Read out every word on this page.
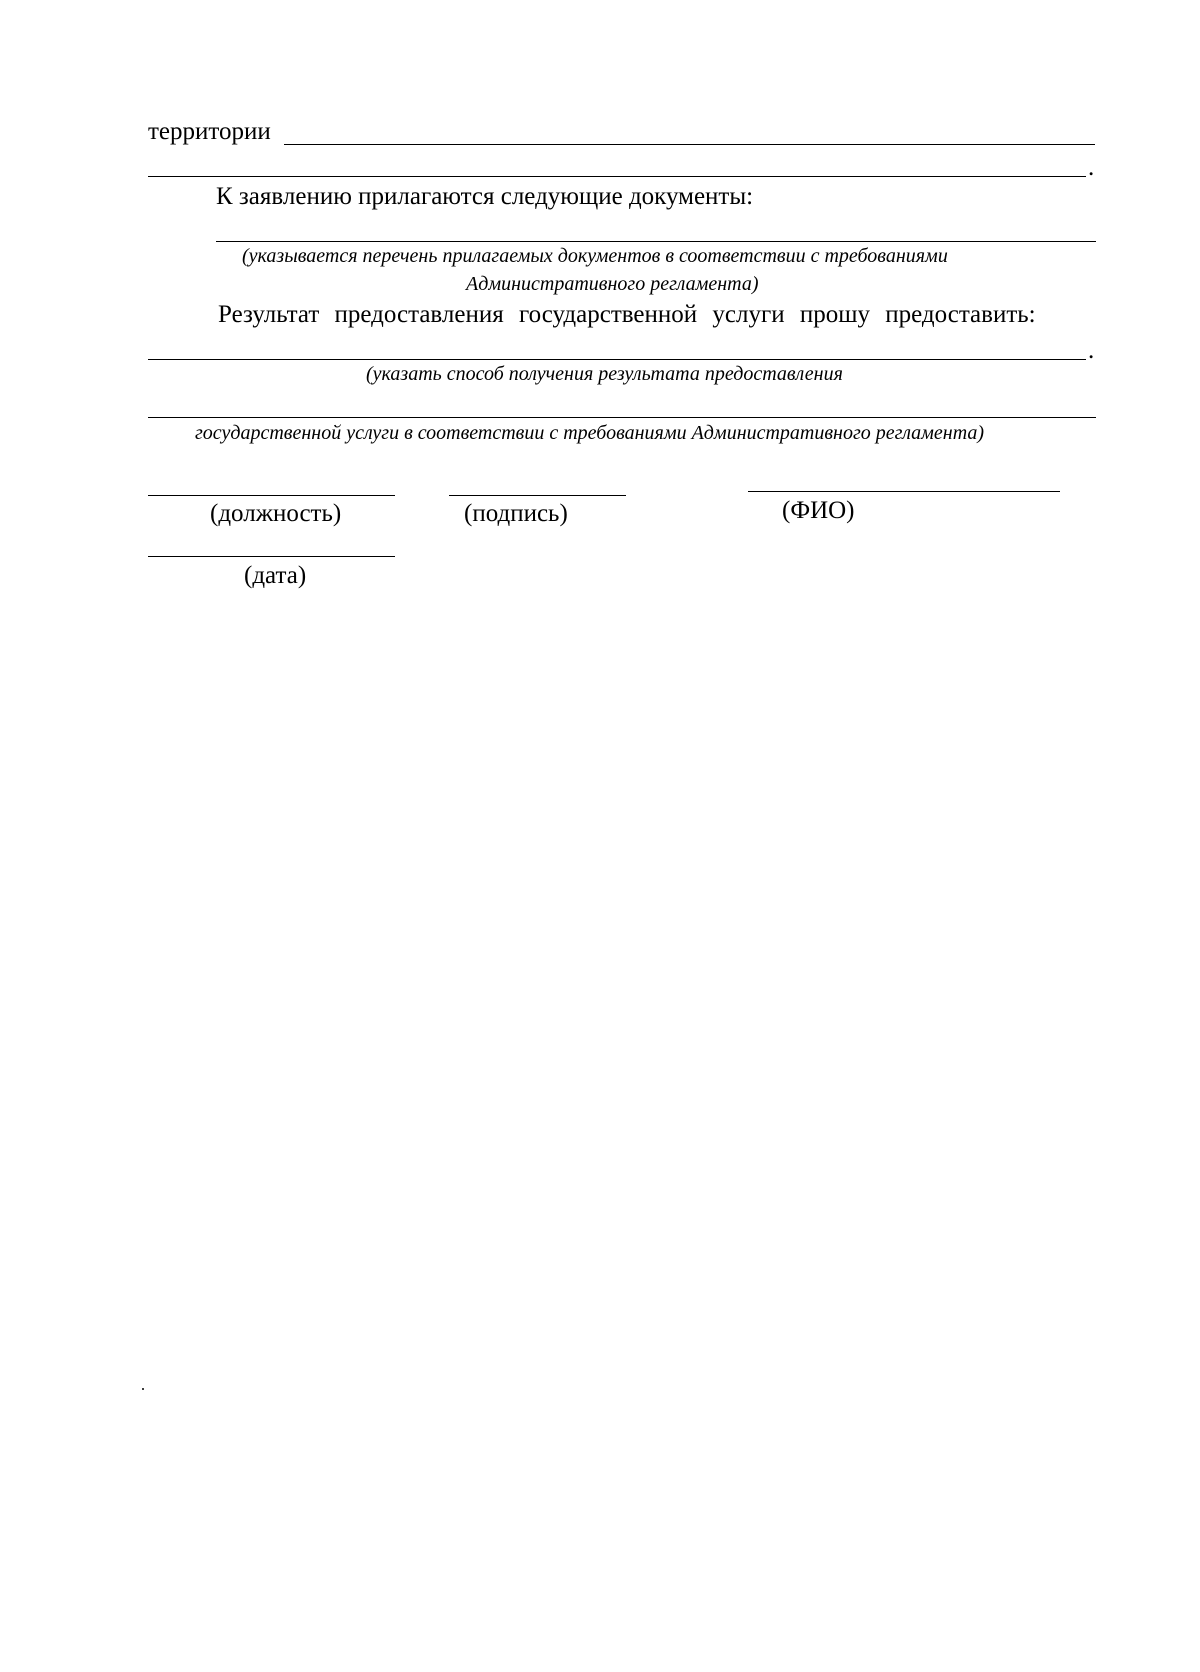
территории
.
К заявлению прилагаются следующие документы:
(указывается перечень прилагаемых документов в соответствии с требованиями
Административного регламента)
Результат предоставления государственной услуги прошу предоставить:
.
(указать способ получения результата предоставления
государственной услуги в соответствии с требованиями Административного регламента)
(должность)	(подпись)	(ФИО)
(дата)
